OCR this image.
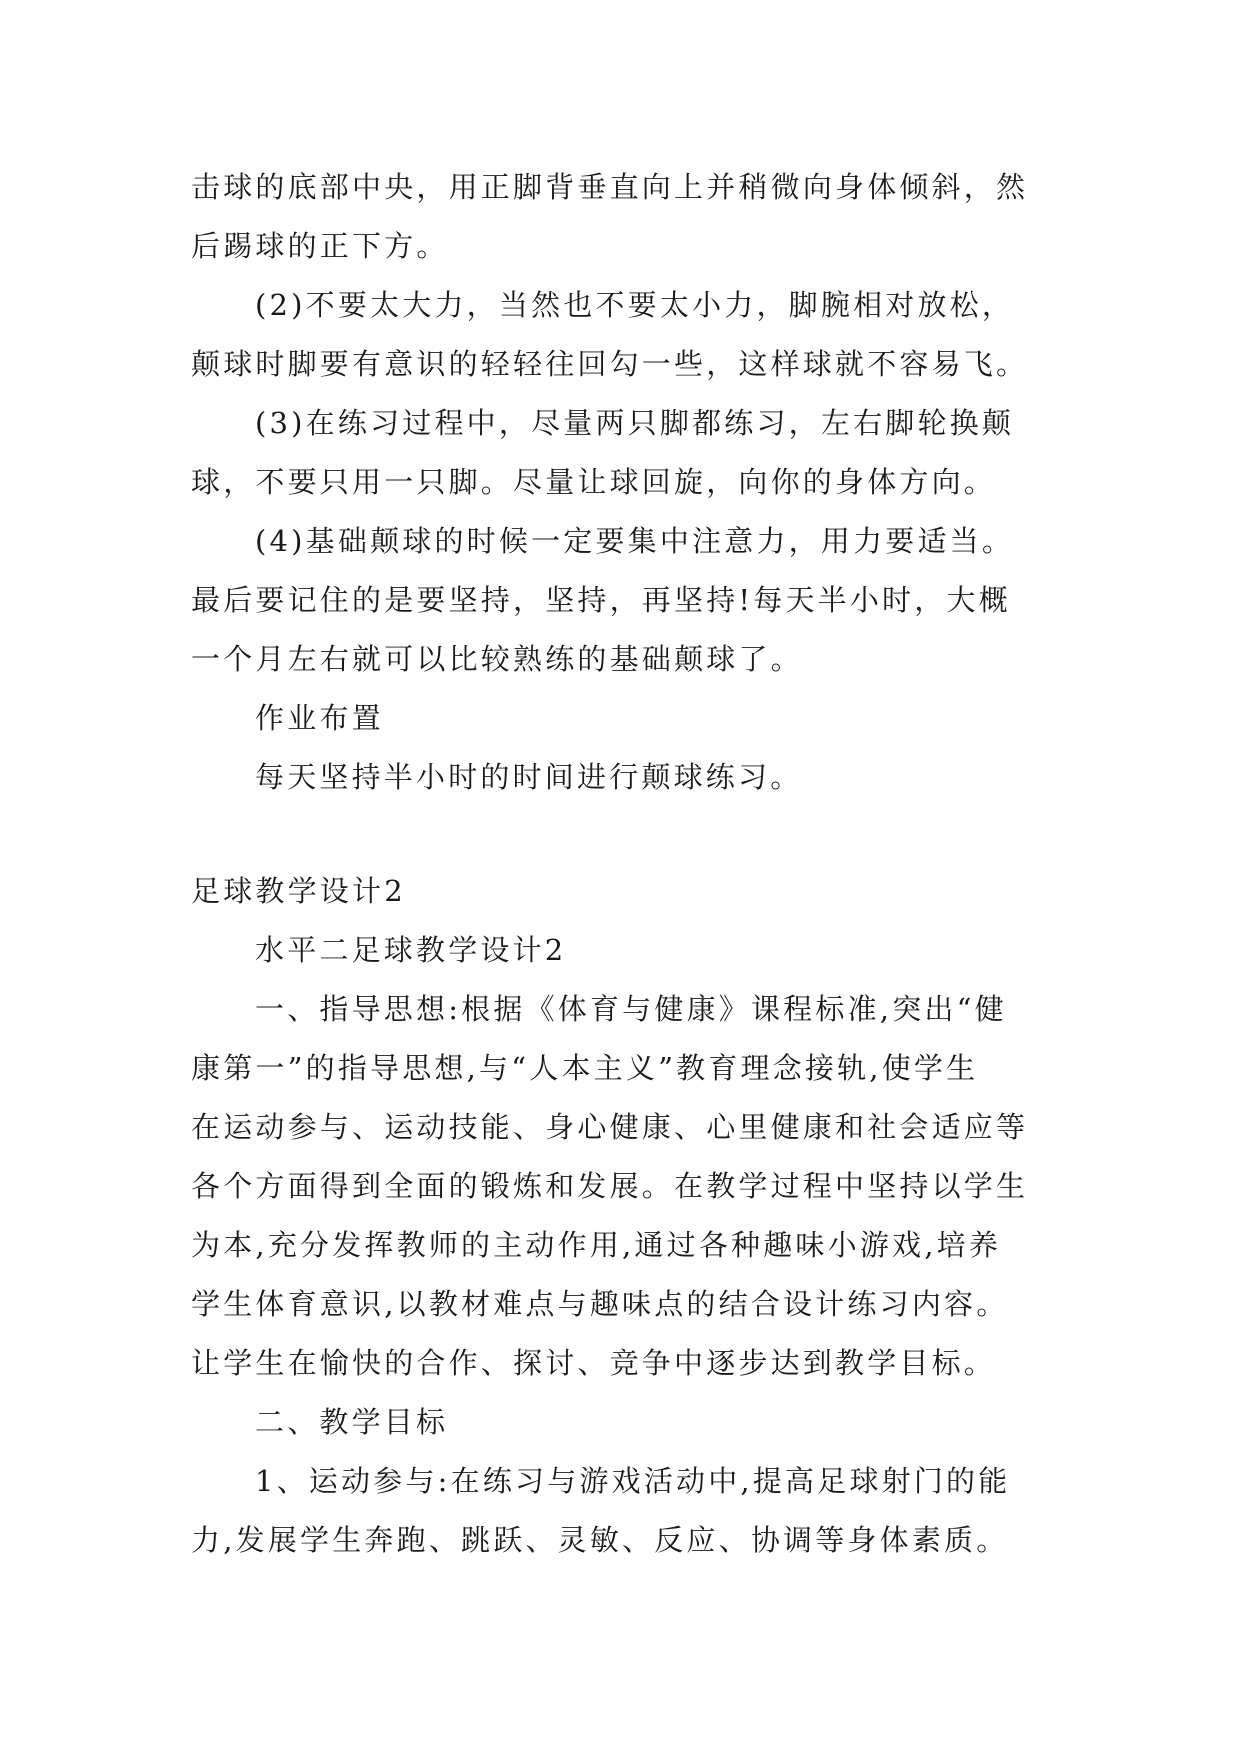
击球的底部中央，用正脚背垂直向上并稍微向身体倾斜，然
后踢球的正下方。
(2)不要太大力，当然也不要太小力，脚腕相对放松，
颠球时脚要有意识的轻轻往回勾一些，这样球就不容易飞。
(3)在练习过程中，尽量两只脚都练习，左右脚轮换颠
球，不要只用一只脚。尽量让球回旋，向你的身体方向。
(4)基础颠球的时候一定要集中注意力，用力要适当。
最后要记住的是要坚持，坚持，再坚持!每天半小时，大概
一个月左右就可以比较熟练的基础颠球了。
作业布置
每天坚持半小时的时间进行颠球练习。
足球教学设计2
水平二足球教学设计2
一、指导思想:根据《体育与健康》课程标准,突出“健
康第一”的指导思想,与“人本主义”教育理念接轨,使学生
在运动参与、运动技能、身心健康、心里健康和社会适应等
各个方面得到全面的锻炼和发展。在教学过程中坚持以学生
为本,充分发挥教师的主动作用,通过各种趣味小游戏,培养
学生体育意识,以教材难点与趣味点的结合设计练习内容。
让学生在愉快的合作、探讨、竞争中逐步达到教学目标。
二、教学目标
1、运动参与:在练习与游戏活动中,提高足球射门的能
力,发展学生奔跑、跳跃、灵敏、反应、协调等身体素质。
